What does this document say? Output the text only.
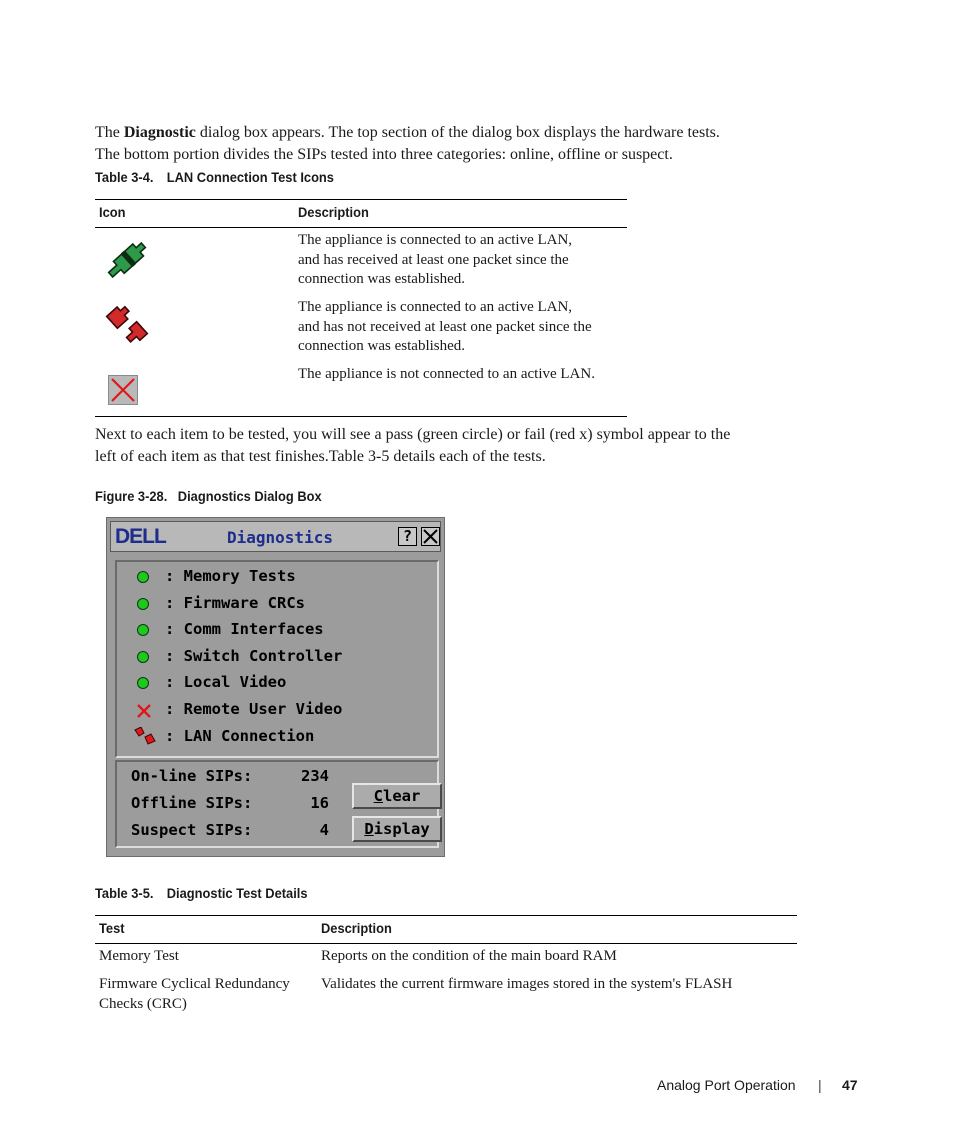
The Diagnostic dialog box appears. The top section of the dialog box displays the hardware tests.
The bottom portion divides the SIPs tested into three categories: online, offline or suspect.
Table 3-4. LAN Connection Test Icons
Icon	Description
The appliance is connected to an active LAN,
and has received at least one packet since the
connection was established.
The appliance is connected to an active LAN,
and has not received at least one packet since the
connection was established.
The appliance is not connected to an active LAN.
Next to each item to be tested, you will see a pass (green circle) or fail (red x) symbol appear to the
left of each item as that test finishes.Table 3-5 details each of the tests.
Figure 3-28. Diagnostics Dialog Box
DELL	Diagnostics	?
: Memory Tests
: Firmware CRCs
: Comm Interfaces
: Switch Controller
: Local Video
: Remote User Video
: LAN Connection
On-line SIPs:	234
Offline SIPs:	16
Suspect SIPs:	4
Clear
Display
Table 3-5. Diagnostic Test Details
Test	Description
Memory Test	Reports on the condition of the main board RAM
Firmware Cyclical Redundancy
Checks (CRC)
Validates the current firmware images stored in the system's FLASH
Analog Port Operation | 47
